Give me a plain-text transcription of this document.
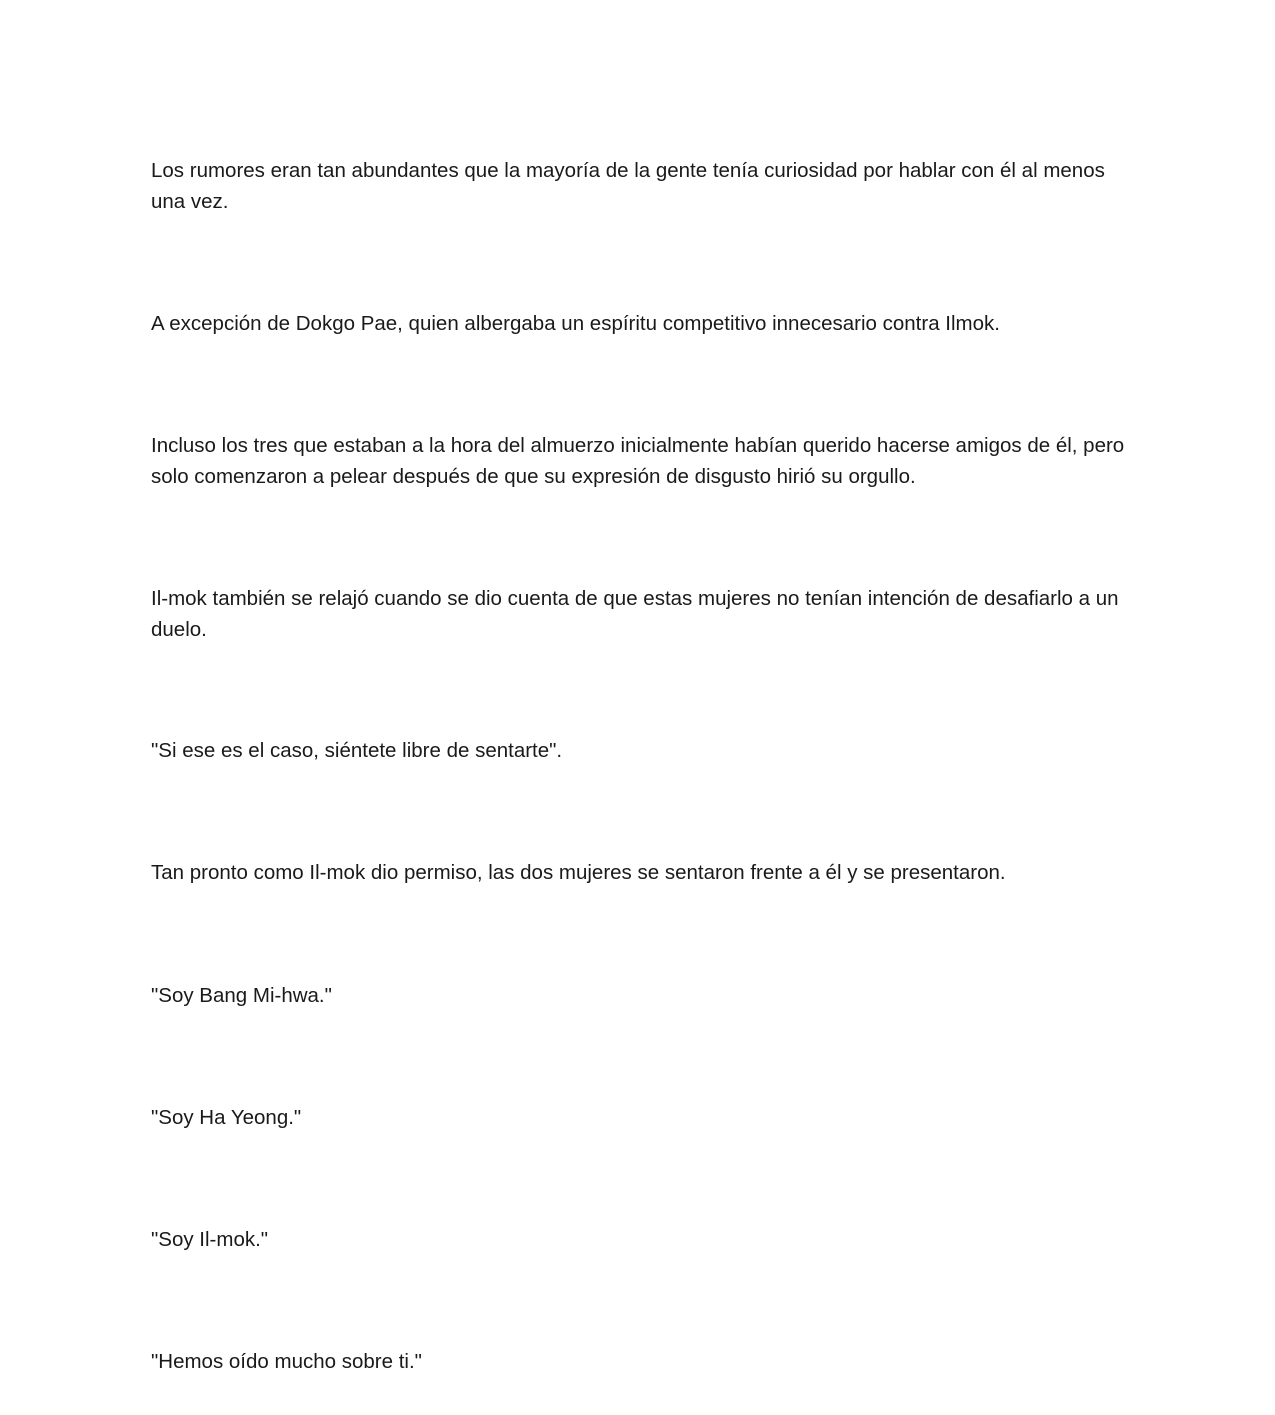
Los rumores eran tan abundantes que la mayoría de la gente tenía curiosidad por hablar con él al menos una vez.

A excepción de Dokgo Pae, quien albergaba un espíritu competitivo innecesario contra Ilmok.

Incluso los tres que estaban a la hora del almuerzo inicialmente habían querido hacerse amigos de él, pero solo comenzaron a pelear después de que su expresión de disgusto hirió su orgullo.

Il-mok también se relajó cuando se dio cuenta de que estas mujeres no tenían intención de desafiarlo a un duelo.

"Si ese es el caso, siéntete libre de sentarte".

Tan pronto como Il-mok dio permiso, las dos mujeres se sentaron frente a él y se presentaron.

"Soy Bang Mi-hwa."

"Soy Ha Yeong."

"Soy Il-mok."

"Hemos oído mucho sobre ti."
